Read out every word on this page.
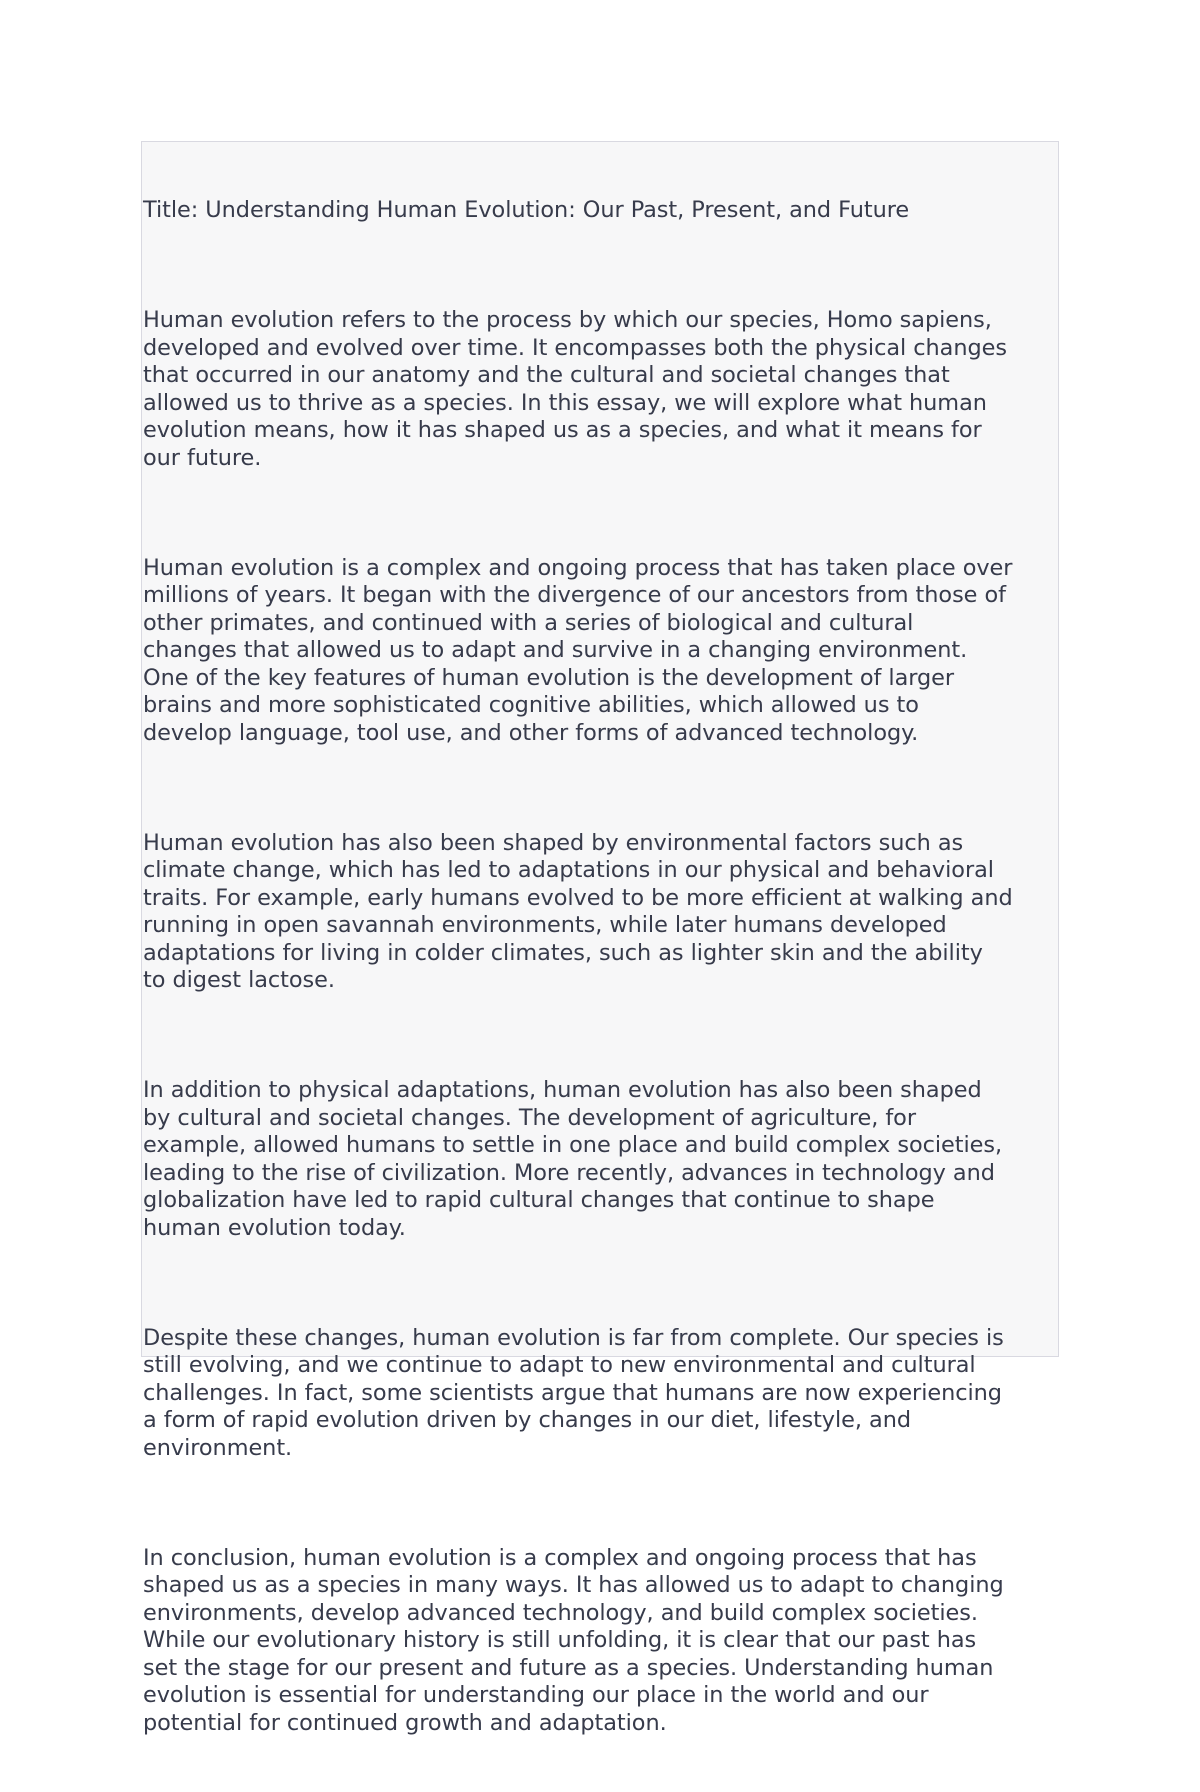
Title: Understanding Human Evolution: Our Past, Present, and Future

Human evolution refers to the process by which our species, Homo sapiens,
developed and evolved over time. It encompasses both the physical changes
that occurred in our anatomy and the cultural and societal changes that
allowed us to thrive as a species. In this essay, we will explore what human
evolution means, how it has shaped us as a species, and what it means for
our future.

Human evolution is a complex and ongoing process that has taken place over
millions of years. It began with the divergence of our ancestors from those of
other primates, and continued with a series of biological and cultural
changes that allowed us to adapt and survive in a changing environment.
One of the key features of human evolution is the development of larger
brains and more sophisticated cognitive abilities, which allowed us to
develop language, tool use, and other forms of advanced technology.

Human evolution has also been shaped by environmental factors such as
climate change, which has led to adaptations in our physical and behavioral
traits. For example, early humans evolved to be more efficient at walking and
running in open savannah environments, while later humans developed
adaptations for living in colder climates, such as lighter skin and the ability
to digest lactose.

In addition to physical adaptations, human evolution has also been shaped
by cultural and societal changes. The development of agriculture, for
example, allowed humans to settle in one place and build complex societies,
leading to the rise of civilization. More recently, advances in technology and
globalization have led to rapid cultural changes that continue to shape
human evolution today.

Despite these changes, human evolution is far from complete. Our species is
still evolving, and we continue to adapt to new environmental and cultural
challenges. In fact, some scientists argue that humans are now experiencing
a form of rapid evolution driven by changes in our diet, lifestyle, and
environment.

In conclusion, human evolution is a complex and ongoing process that has
shaped us as a species in many ways. It has allowed us to adapt to changing
environments, develop advanced technology, and build complex societies.
While our evolutionary history is still unfolding, it is clear that our past has
set the stage for our present and future as a species. Understanding human
evolution is essential for understanding our place in the world and our
potential for continued growth and adaptation.
